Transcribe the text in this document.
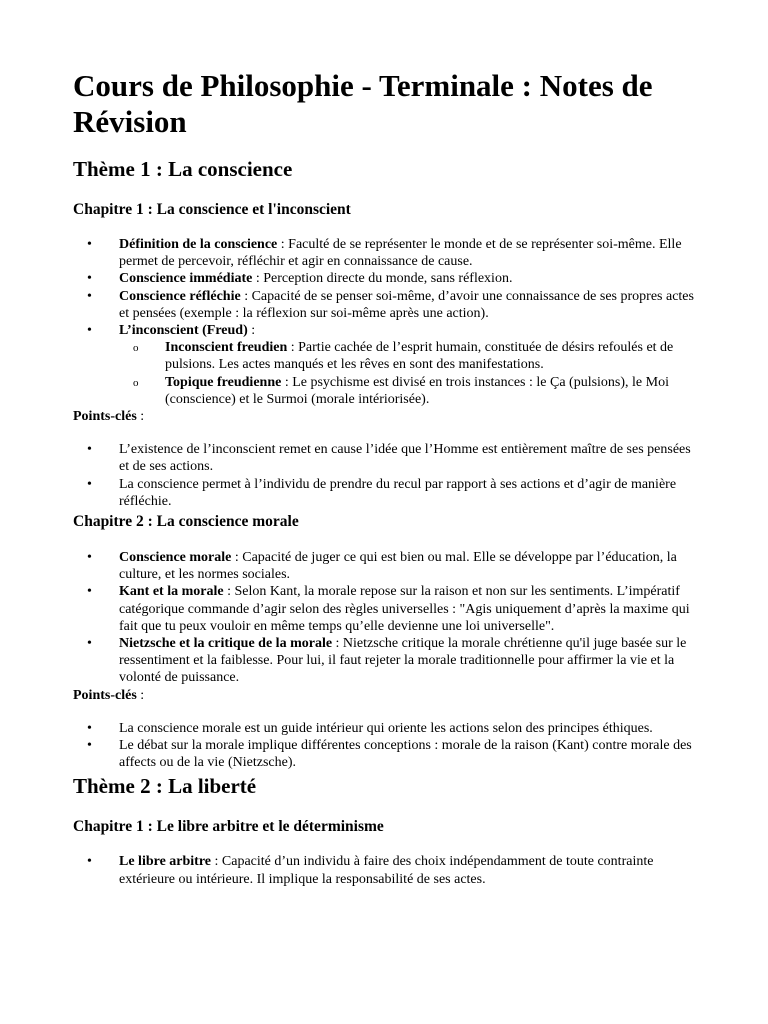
Cours de Philosophie - Terminale : Notes de Révision
Thème 1 : La conscience
Chapitre 1 : La conscience et l'inconscient
• Définition de la conscience : Faculté de se représenter le monde et de se représenter soi-même. Elle permet de percevoir, réfléchir et agir en connaissance de cause.
• Conscience immédiate : Perception directe du monde, sans réflexion.
• Conscience réfléchie : Capacité de se penser soi-même, d’avoir une connaissance de ses propres actes et pensées (exemple : la réflexion sur soi-même après une action).
• L’inconscient (Freud) :
o Inconscient freudien : Partie cachée de l’esprit humain, constituée de désirs refoulés et de pulsions. Les actes manqués et les rêves en sont des manifestations.
o Topique freudienne : Le psychisme est divisé en trois instances : le Ça (pulsions), le Moi (conscience) et le Surmoi (morale intériorisée).

Points-clés :

• L’existence de l’inconscient remet en cause l’idée que l’Homme est entièrement maître de ses pensées et de ses actions.
• La conscience permet à l’individu de prendre du recul par rapport à ses actions et d’agir de manière réfléchie.
Chapitre 2 : La conscience morale
• Conscience morale : Capacité de juger ce qui est bien ou mal. Elle se développe par l’éducation, la culture, et les normes sociales.
• Kant et la morale : Selon Kant, la morale repose sur la raison et non sur les sentiments. L’impératif catégorique commande d’agir selon des règles universelles : "Agis uniquement d’après la maxime qui fait que tu peux vouloir en même temps qu’elle devienne une loi universelle".
• Nietzsche et la critique de la morale : Nietzsche critique la morale chrétienne qu'il juge basée sur le ressentiment et la faiblesse. Pour lui, il faut rejeter la morale traditionnelle pour affirmer la vie et la volonté de puissance.

Points-clés :

• La conscience morale est un guide intérieur qui oriente les actions selon des principes éthiques.
• Le débat sur la morale implique différentes conceptions : morale de la raison (Kant) contre morale des affects ou de la vie (Nietzsche).
Thème 2 : La liberté
Chapitre 1 : Le libre arbitre et le déterminisme
• Le libre arbitre : Capacité d’un individu à faire des choix indépendamment de toute contrainte extérieure ou intérieure. Il implique la responsabilité de ses actes.
